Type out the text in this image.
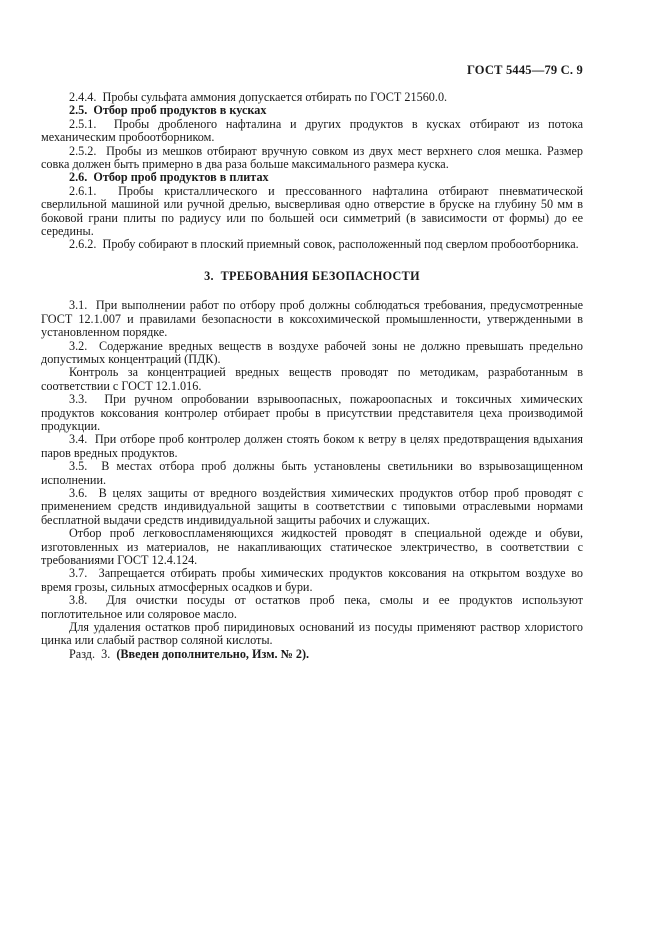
ГОСТ 5445—79 С. 9

2.4.4.  Пробы сульфата аммония допускается отбирать по ГОСТ 21560.0.

2.5.  Отбор проб продуктов в кусках

2.5.1.  Пробы дробленого нафталина и других продуктов в кусках отбирают из потока механическим пробоотборником.

2.5.2.  Пробы из мешков отбирают вручную совком из двух мест верхнего слоя мешка. Размер совка должен быть примерно в два раза больше максимального размера куска.

2.6.  Отбор проб продуктов в плитах

2.6.1.  Пробы кристаллического и прессованного нафталина отбирают пневматической сверлильной машиной или ручной дрелью, высверливая одно отверстие в бруске на глубину 50 мм в боковой грани плиты по радиусу или по большей оси симметрий (в зависимости от формы) до ее середины.

2.6.2.  Пробу собирают в плоский приемный совок, расположенный под сверлом пробоотборника.

3.  ТРЕБОВАНИЯ БЕЗОПАСНОСТИ

3.1.  При выполнении работ по отбору проб должны соблюдаться требования, предусмотренные ГОСТ 12.1.007 и правилами безопасности в коксохимической промышленности, утвержденными в установленном порядке.

3.2.  Содержание вредных веществ в воздухе рабочей зоны не должно превышать предельно допустимых концентраций (ПДК).

Контроль за концентрацией вредных веществ проводят по методикам, разработанным в соответствии с ГОСТ 12.1.016.

3.3.  При ручном опробовании взрывоопасных, пожароопасных и токсичных химических продуктов коксования контролер отбирает пробы в присутствии представителя цеха производимой продукции.

3.4.  При отборе проб контролер должен стоять боком к ветру в целях предотвращения вдыхания паров вредных продуктов.

3.5.  В местах отбора проб должны быть установлены светильники во взрывозащищенном исполнении.

3.6.  В целях защиты от вредного воздействия химических продуктов отбор проб проводят с применением средств индивидуальной защиты в соответствии с типовыми отраслевыми нормами бесплатной выдачи средств индивидуальной защиты рабочих и служащих.

Отбор проб легковоспламеняющихся жидкостей проводят в специальной одежде и обуви, изготовленных из материалов, не накапливающих статическое электричество, в соответствии с требованиями ГОСТ 12.4.124.

3.7.  Запрещается отбирать пробы химических продуктов коксования на открытом воздухе во время грозы, сильных атмосферных осадков и бури.

3.8.  Для очистки посуды от остатков проб пека, смолы и ее продуктов используют поглотительное или соляровое масло.

Для удаления остатков проб пиридиновых оснований из посуды применяют раствор хлористого цинка или слабый раствор соляной кислоты.

Разд.  3.  (Введен дополнительно, Изм. № 2).
